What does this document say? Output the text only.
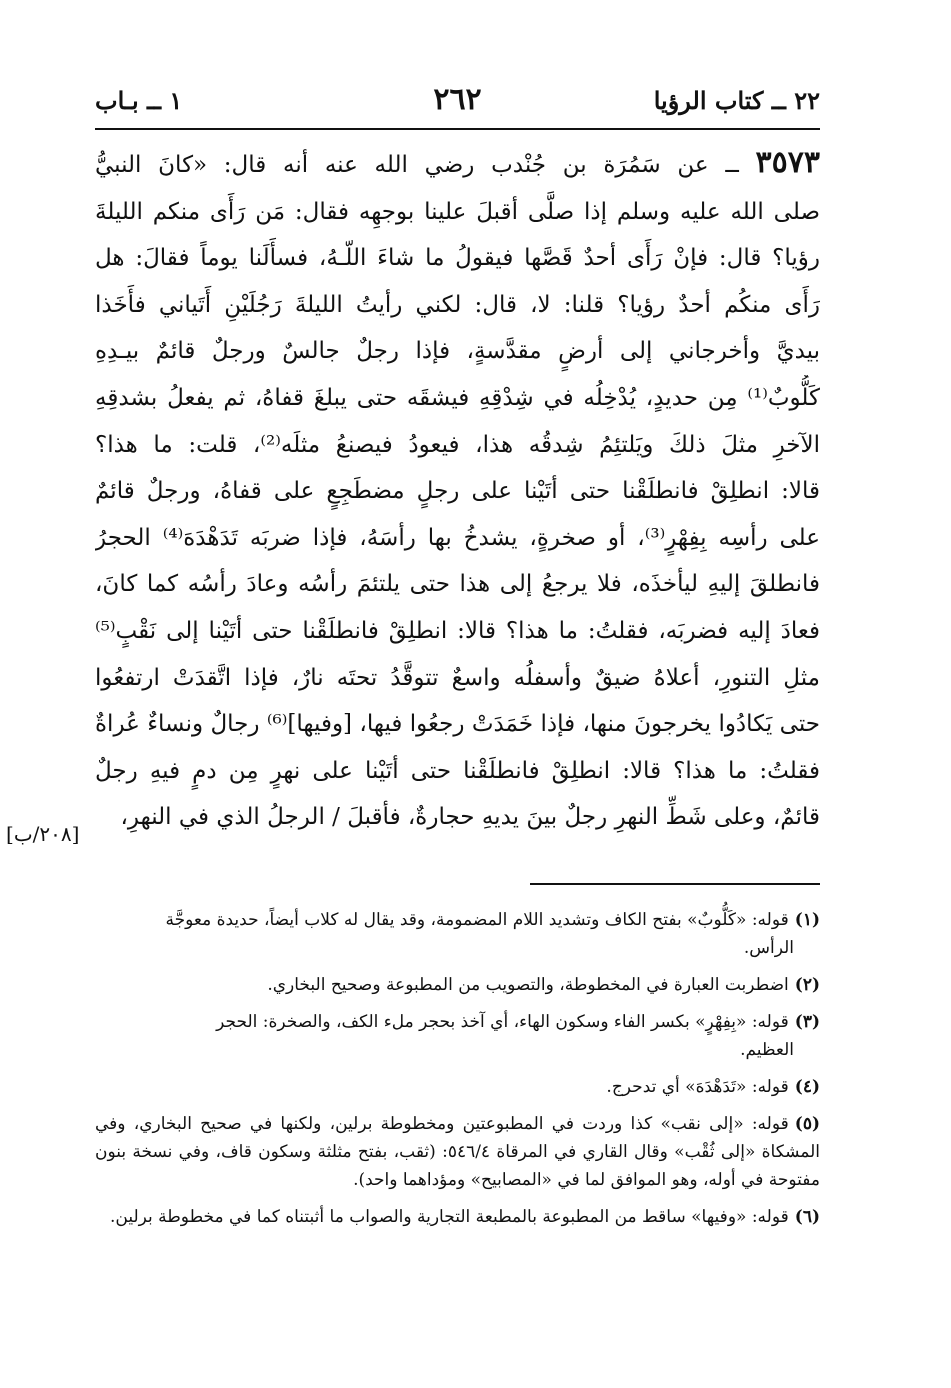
٢٢ ــ كتاب الرؤيا
٢٦٢
١ ــ بـاب
٣٥٧٣ ــ عن سَمُرَة بن جُنْدب رضي الله عنه أنه قال: «كانَ النبيُّ
صلى الله عليه وسلم إذا صلَّى أقبلَ علينا بوجهِه فقال: مَن رَأَى منكم الليلةَ
رؤيا؟ قال: فإنْ رَأَى أحدٌ قَصَّها فيقولُ ما شاءَ اللّـهُ، فسأَلَنا يوماً فقالَ: هل
رَأَى منكُم أحدٌ رؤيا؟ قلنا: لا، قال: لكني رأيتُ الليلةَ رَجُلَيْنِ أَتَياني فأَخَذا
بيديَّ وأخرجاني إلى أرضٍ مقدَّسةٍ، فإذا رجلٌ جالسٌ ورجلٌ قائمٌ بيـدِهِ
كَلُّوبٌ⁽¹⁾ مِن حديدٍ، يُدْخِلُه في شِدْقِهِ فيشقَه حتى يبلغَ قفاهُ، ثم يفعلُ بشدقِهِ
الآخرِ مثلَ ذلكَ ويَلتئِمُ شِدقُه هذا، فيعودُ فيصنعُ مثلَه⁽²⁾، قلت: ما هذا؟
قالا: انطلِقْ فانطلَقْنا حتى أتَيْنا على رجلٍ مضطَجِعٍ على قفاهُ، ورجلٌ قائمٌ
على رأسِه بِفِهْرٍ⁽³⁾، أو صخرةٍ، يشدخُ بها رأسَهُ، فإذا ضربَه تَدَهْدَهَ⁽⁴⁾ الحجرُ
فانطلقَ إليهِ ليأخذَه، فلا يرجعُ إلى هذا حتى يلتئمَ رأسُه وعادَ رأسُه كما كانَ،
فعادَ إليه فضربَه، فقلتُ: ما هذا؟ قالا: انطلِقْ فانطلَقْنا حتى أتَيْنا إلى نَقْبٍ⁽⁵⁾
مثلِ التنورِ، أعلاهُ ضيقٌ وأسفلُه واسعٌ تتوقَّدُ تحتَه نارٌ، فإذا اتَّقدَتْ ارتفعُوا
حتى يَكادُوا يخرجونَ منها، فإذا خَمَدَتْ رجعُوا فيها، [وفيها]⁽⁶⁾ رجالٌ ونساءٌ عُراةٌ
فقلتُ: ما هذا؟ قالا: انطلِقْ فانطلَقْنا حتى أتَيْنا على نهرٍ مِن دمٍ فيهِ رجلٌ
قائمٌ، وعلى شَطِّ النهرِ رجلٌ بينَ يديهِ حجارةٌ، فأقبلَ / الرجلُ الذي في النهرِ،
[٢٠٨/ب]

(١)قوله: «كَلُّوبٌ» بفتح الكاف وتشديد اللام المضمومة، وقد يقال له كلاب أيضاً، حديدة معوجَّة
الرأس.

(٢)اضطربت العبارة في المخطوطة، والتصويب من المطبوعة وصحيح البخاري.

(٣)قوله: «بِفِهْرٍ» بكسر الفاء وسكون الهاء، أي آخذ بحجر ملء الكف، والصخرة: الحجر
العظيم.

(٤)قوله: «تَدَهْدَهَ» أي تدحرج.

(٥)قوله: «إلى نقب» كذا وردت في المطبوعتين ومخطوطة برلين، ولكنها في صحيح البخاري، وفي المشكاة «إلى ثُقْب» وقال القاري في المرقاة ٥٤٦/٤: (ثقب، بفتح مثلثة وسكون قاف، وفي نسخة بنون مفتوحة في أوله، وهو الموافق لما في «المصابيح» ومؤداهما واحد).

(٦)قوله: «وفيها» ساقط من المطبوعة بالمطبعة التجارية والصواب ما أثبتناه كما في مخطوطة برلين.
